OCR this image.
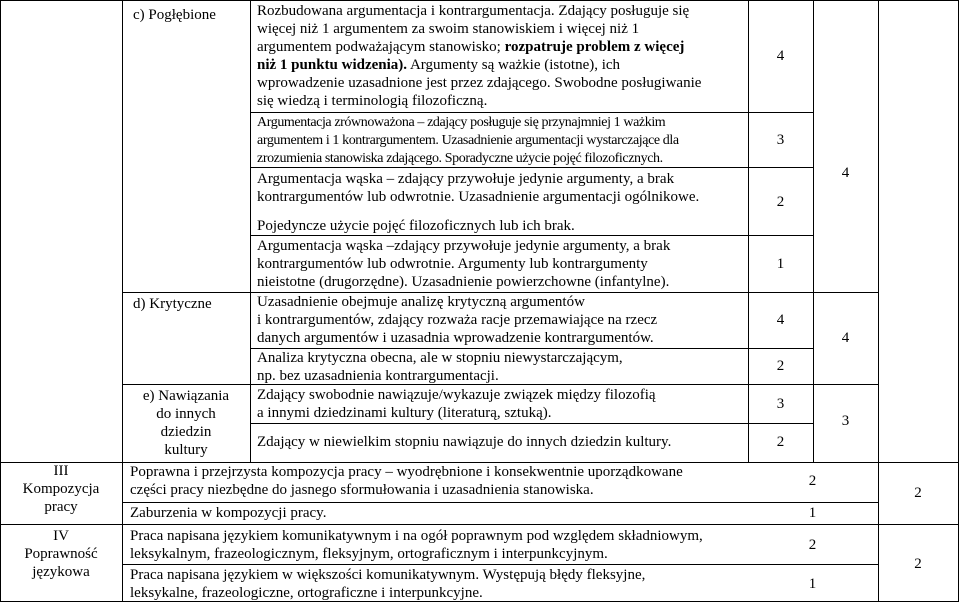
c) Pogłębione
d) Krytyczne
e) Nawiązania
do innych
dziedzin
kultury
III
Kompozycja
pracy
IV
Poprawność
językowa
Rozbudowana argumentacja i kontrargumentacja. Zdający posługuje się
więcej niż 1 argumentem za swoim stanowiskiem i więcej niż 1
argumentem podważającym stanowisko; rozpatruje problem z więcej
niż 1 punktu widzenia). Argumenty są ważkie (istotne), ich
wprowadzenie uzasadnione jest przez zdającego. Swobodne posługiwanie
się wiedzą i terminologią filozoficzną.
Argumentacja zrównoważona – zdający posługuje się przynajmniej 1 ważkim
argumentem i 1 kontrargumentem. Uzasadnienie argumentacji wystarczające dla
zrozumienia stanowiska zdającego. Sporadyczne użycie pojęć filozoficznych.
Argumentacja wąska – zdający przywołuje jedynie argumenty, a brak
kontrargumentów lub odwrotnie. Uzasadnienie argumentacji ogólnikowe.
Pojedyncze użycie pojęć filozoficznych lub ich brak.
Argumentacja wąska –zdający przywołuje jedynie argumenty, a brak
kontrargumentów lub odwrotnie. Argumenty lub kontrargumenty
nieistotne (drugorzędne). Uzasadnienie powierzchowne (infantylne).
Uzasadnienie obejmuje analizę krytyczną argumentów
i kontrargumentów, zdający rozważa racje przemawiające na rzecz
danych argumentów i uzasadnia wprowadzenie kontrargumentów.
Analiza krytyczna obecna, ale w stopniu niewystarczającym,
np. bez uzasadnienia kontrargumentacji.
Zdający swobodnie nawiązuje/wykazuje związek między filozofią
a innymi dziedzinami kultury (literaturą, sztuką).
Zdający w niewielkim stopniu nawiązuje do innych dziedzin kultury.
Poprawna i przejrzysta kompozycja pracy – wyodrębnione i konsekwentnie uporządkowane
części pracy niezbędne do jasnego sformułowania i uzasadnienia stanowiska.
Zaburzenia w kompozycji pracy.
Praca napisana językiem komunikatywnym i na ogół poprawnym pod względem składniowym,
leksykalnym, frazeologicznym, fleksyjnym, ortograficznym i interpunkcyjnym.
Praca napisana językiem w większości komunikatywnym. Występują błędy fleksyjne,
leksykalne, frazeologiczne, ortograficzne i interpunkcyjne.
4
3
2
1
4
2
3
2
2
1
2
1
4
4
3
2
2
